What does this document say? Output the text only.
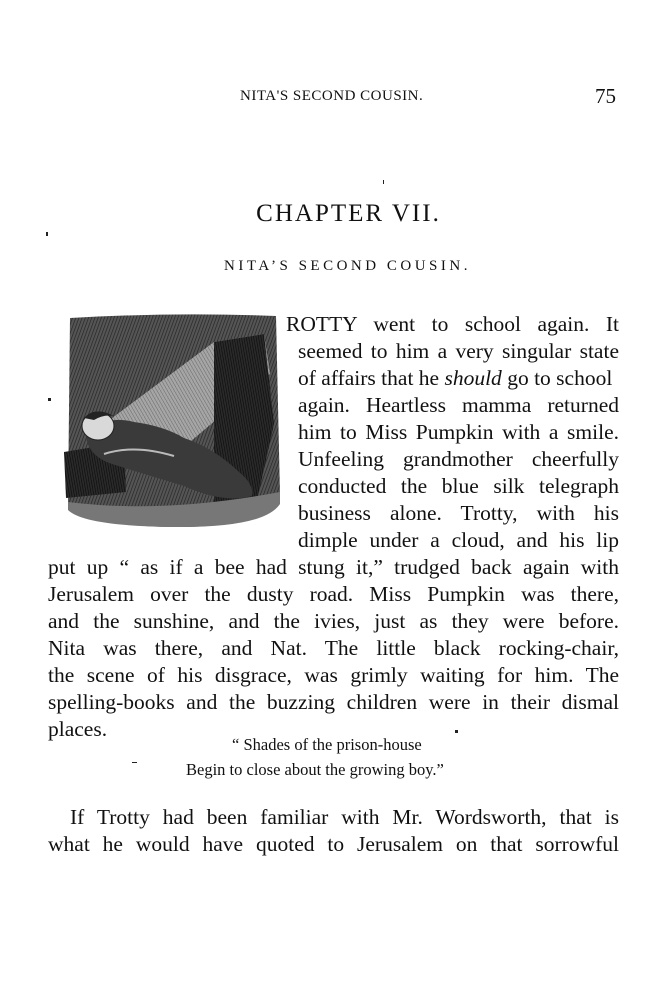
NITA'S SECOND COUSIN.	75
CHAPTER VII.
NITA’S SECOND COUSIN.
ROTTY went to school again. It
seemed to him a very singular state
of affairs that he should go to school
again. Heartless mamma returned
him to Miss Pumpkin with a smile.
Unfeeling grandmother cheerfully
conducted the blue silk telegraph
business alone. Trotty, with his
dimple under a cloud, and his lip
put up “ as if a bee had stung it,” trudged back again with
Jerusalem over the dusty road. Miss Pumpkin was there,
and the sunshine, and the ivies, just as they were before.
Nita was there, and Nat. The little black rocking-chair,
the scene of his disgrace, was grimly waiting for him. The
spelling-books and the buzzing children were in their dismal
places.
“ Shades of the prison-house
Begin to close about the growing boy.”
If Trotty had been familiar with Mr. Wordsworth, that is
what he would have quoted to Jerusalem on that sorrowful
